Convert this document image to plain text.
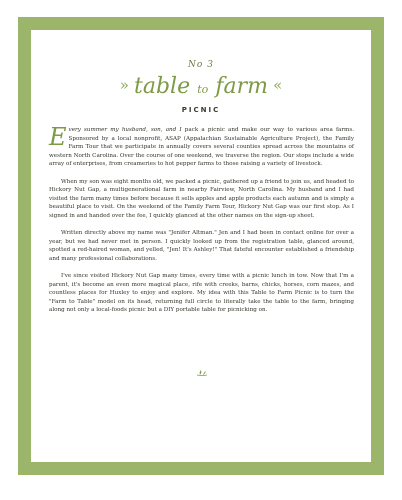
No 3
» table to farm «
PICNIC

Every summer my husband, son, and I pack a picnic and make our way to various area farms. Sponsored by a local nonprofit, ASAP (Appalachian Sustainable Agriculture Project), the Family Farm Tour that we participate in annually covers several counties spread across the mountains of western North Carolina. Over the course of one weekend, we traverse the region. Our stops include a wide array of enterprises, from creameries to hot pepper farms to those raising a variety of livestock.

When my son was eight months old, we packed a picnic, gathered up a friend to join us, and headed to Hickory Nut Gap, a multigenerational farm in nearby Fairview, North Carolina. My husband and I had visited the farm many times before because it sells apples and apple products each autumn and is simply a beautiful place to visit. On the weekend of the Family Farm Tour, Hickory Nut Gap was our first stop. As I signed in and handed over the fee, I quickly glanced at the other names on the sign-up sheet.

Written directly above my name was "Jenifer Altman." Jen and I had been in contact online for over a year, but we had never met in person. I quickly looked up from the registration table, glanced around, spotted a red-haired woman, and yelled, "Jen! It's Ashley!" That fateful encounter established a friendship and many professional collaborations.

I've since visited Hickory Nut Gap many times, every time with a picnic lunch in tow. Now that I'm a parent, it's become an even more magical place, rife with creeks, barns, chicks, horses, corn mazes, and countless places for Huxley to enjoy and explore. My idea with this Table to Farm Picnic is to turn the "Farm to Table" model on its head, returning full circle to literally take the table to the farm, bringing along not only a local-foods picnic but a DIY portable table for picnicking on.
